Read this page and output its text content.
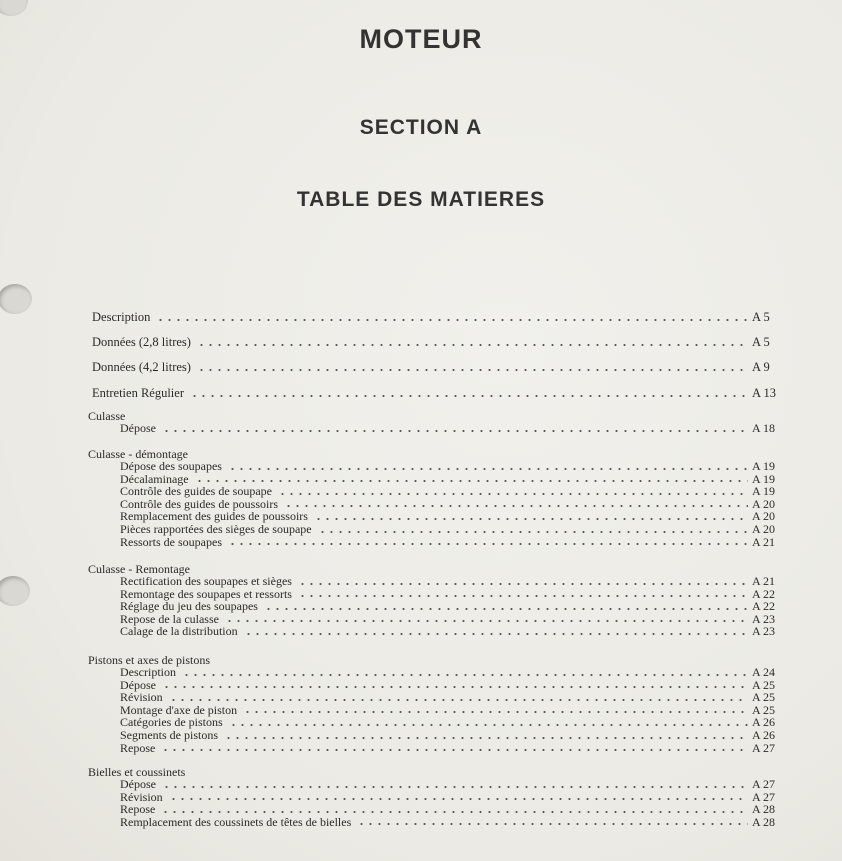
MOTEUR
SECTION A
TABLE DES MATIERES
Description	A 5
Données (2,8 litres)	A 5
Données (4,2 litres)	A 9
Entretien Régulier	A 13
Culasse
Dépose	A 18
Culasse - démontage
Dépose des soupapes	A 19
Décalaminage	A 19
Contrôle des guides de soupape	A 19
Contrôle des guides de poussoirs	A 20
Remplacement des guides de poussoirs	A 20
Pièces rapportées des sièges de soupape	A 20
Ressorts de soupapes	A 21
Culasse - Remontage
Rectification des soupapes et sièges	A 21
Remontage des soupapes et ressorts	A 22
Réglage du jeu des soupapes	A 22
Repose de la culasse	A 23
Calage de la distribution	A 23
Pistons et axes de pistons
Description	A 24
Dépose	A 25
Révision	A 25
Montage d'axe de piston	A 25
Catégories de pistons	A 26
Segments de pistons	A 26
Repose	A 27
Bielles et coussinets
Dépose	A 27
Révision	A 27
Repose	A 28
Remplacement des coussinets de têtes de bielles	A 28
